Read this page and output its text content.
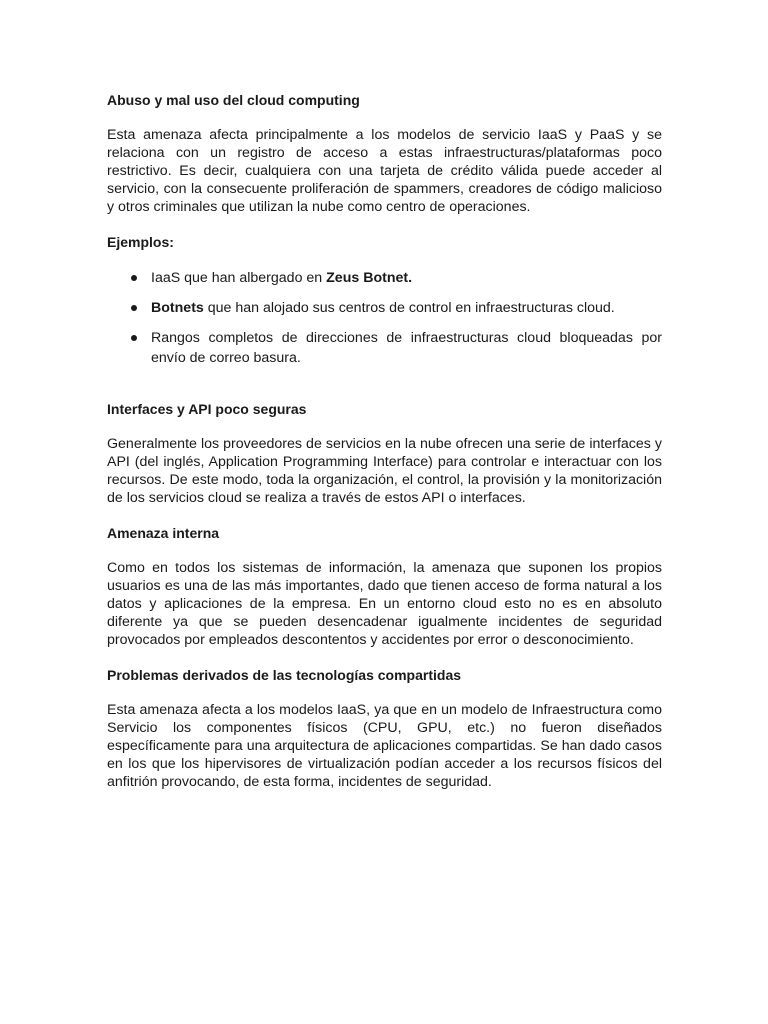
Abuso y mal uso del cloud computing

Esta amenaza afecta principalmente a los modelos de servicio IaaS y PaaS y se relaciona con un registro de acceso a estas infraestructuras/plataformas poco restrictivo. Es decir, cualquiera con una tarjeta de crédito válida puede acceder al servicio, con la consecuente proliferación de spammers, creadores de código malicioso y otros criminales que utilizan la nube como centro de operaciones.

Ejemplos:
IaaS que han albergado en Zeus Botnet.
Botnets que han alojado sus centros de control en infraestructuras cloud.
Rangos completos de direcciones de infraestructuras cloud bloqueadas por envío de correo basura.
Interfaces y API poco seguras

Generalmente los proveedores de servicios en la nube ofrecen una serie de interfaces y API (del inglés, Application Programming Interface) para controlar e interactuar con los recursos. De este modo, toda la organización, el control, la provisión y la monitorización de los servicios cloud se realiza a través de estos API o interfaces.

Amenaza interna

Como en todos los sistemas de información, la amenaza que suponen los propios usuarios es una de las más importantes, dado que tienen acceso de forma natural a los datos y aplicaciones de la empresa. En un entorno cloud esto no es en absoluto diferente ya que se pueden desencadenar igualmente incidentes de seguridad provocados por empleados descontentos y accidentes por error o desconocimiento.

Problemas derivados de las tecnologías compartidas

Esta amenaza afecta a los modelos IaaS, ya que en un modelo de Infraestructura como Servicio los componentes físicos (CPU, GPU, etc.) no fueron diseñados específicamente para una arquitectura de aplicaciones compartidas. Se han dado casos en los que los hipervisores de virtualización podían acceder a los recursos físicos del anfitrión provocando, de esta forma, incidentes de seguridad.
